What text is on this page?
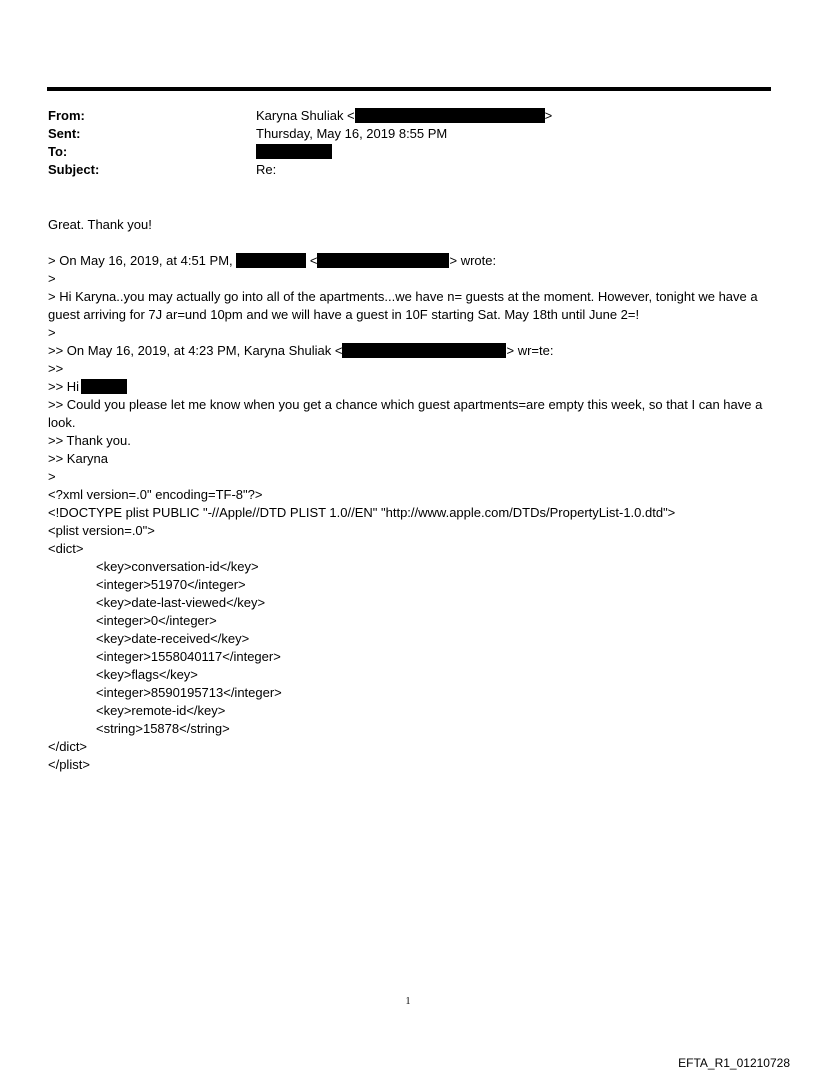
From:	Karyna Shuliak <	>
Sent:	Thursday, May 16, 2019 8:55 PM
To:
Subject:	Re:
Great. Thank you!
> On May 16, 2019, at 4:51 PM,	<	> wrote:
>
> Hi Karyna..you may actually go into all of the apartments...we have n= guests at the moment. However, tonight we have a guest arriving for 7J ar=und 10pm and we will have a guest in 10F starting Sat. May 18th until June 2=!
>
>> On May 16, 2019, at 4:23 PM, Karyna Shuliak <	> wr=te:
>>
>> Hi
>> Could you please let me know when you get a chance which guest apartments=are empty this week, so that I can have a look.
>> Thank you.
>> Karyna
>
<?xml version=.0" encoding=TF-8"?>
<!DOCTYPE plist PUBLIC "-//Apple//DTD PLIST 1.0//EN" "http://www.apple.com/DTDs/PropertyList-1.0.dtd">
<plist version=.0">
<dict>
<key>conversation-id</key>
<integer>51970</integer>
<key>date-last-viewed</key>
<integer>0</integer>
<key>date-received</key>
<integer>1558040117</integer>
<key>flags</key>
<integer>8590195713</integer>
<key>remote-id</key>
<string>15878</string>
</dict>
</plist>
1
EFTA_R1_01210728
